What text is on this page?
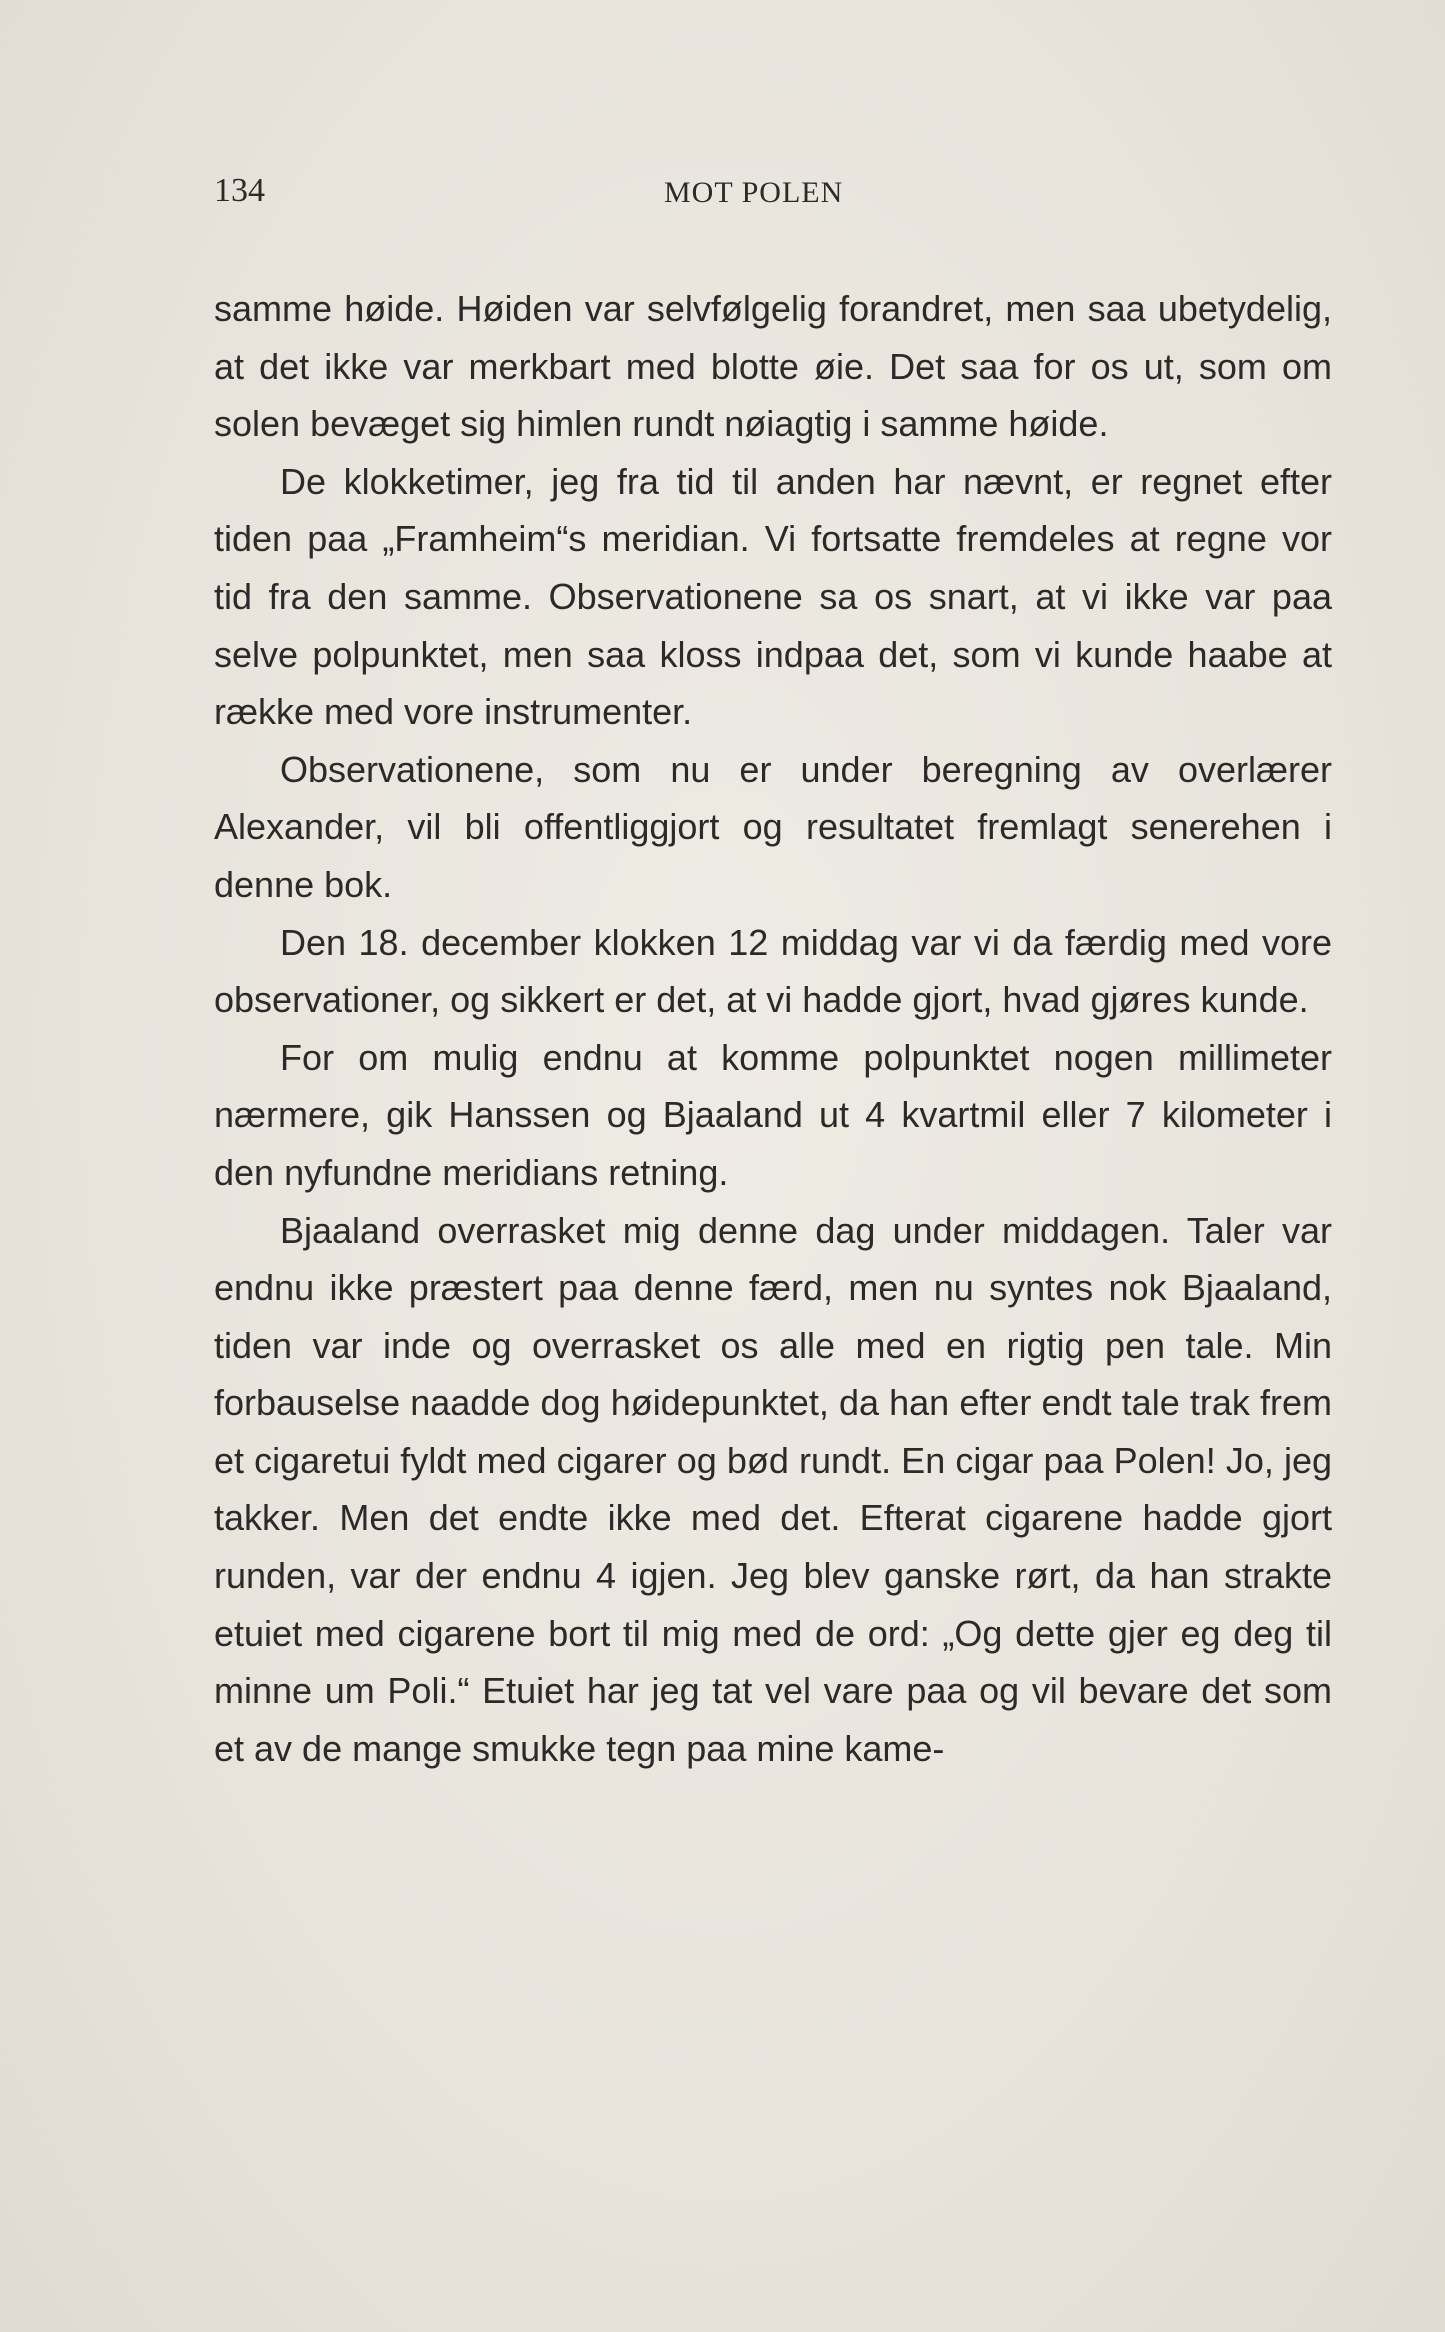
134	MOT POLEN

samme høide. Høiden var selvfølgelig forandret, men saa ubetydelig, at det ikke var merkbart med blotte øie. Det saa for os ut, som om solen bevæget sig himlen rundt nøiagtig i samme høide.

De klokketimer, jeg fra tid til anden har nævnt, er regnet efter tiden paa „Framheim“s meridian. Vi fortsatte fremdeles at regne vor tid fra den samme. Observationene sa os snart, at vi ikke var paa selve polpunktet, men saa kloss indpaa det, som vi kunde haabe at række med vore instrumenter.

Observationene, som nu er under beregning av overlærer Alexander, vil bli offentliggjort og resultatet fremlagt senerehen i denne bok.

Den 18. december klokken 12 middag var vi da færdig med vore observationer, og sikkert er det, at vi hadde gjort, hvad gjøres kunde.

For om mulig endnu at komme polpunktet nogen millimeter nærmere, gik Hanssen og Bjaaland ut 4 kvartmil eller 7 kilometer i den nyfundne meridians retning.

Bjaaland overrasket mig denne dag under middagen. Taler var endnu ikke præstert paa denne færd, men nu syntes nok Bjaaland, tiden var inde og overrasket os alle med en rigtig pen tale. Min forbauselse naadde dog høidepunktet, da han efter endt tale trak frem et cigaretui fyldt med cigarer og bød rundt. En cigar paa Polen! Jo, jeg takker. Men det endte ikke med det. Efterat cigarene hadde gjort runden, var der endnu 4 igjen. Jeg blev ganske rørt, da han strakte etuiet med cigarene bort til mig med de ord: „Og dette gjer eg deg til minne um Poli.“ Etuiet har jeg tat vel vare paa og vil bevare det som et av de mange smukke tegn paa mine kame-
